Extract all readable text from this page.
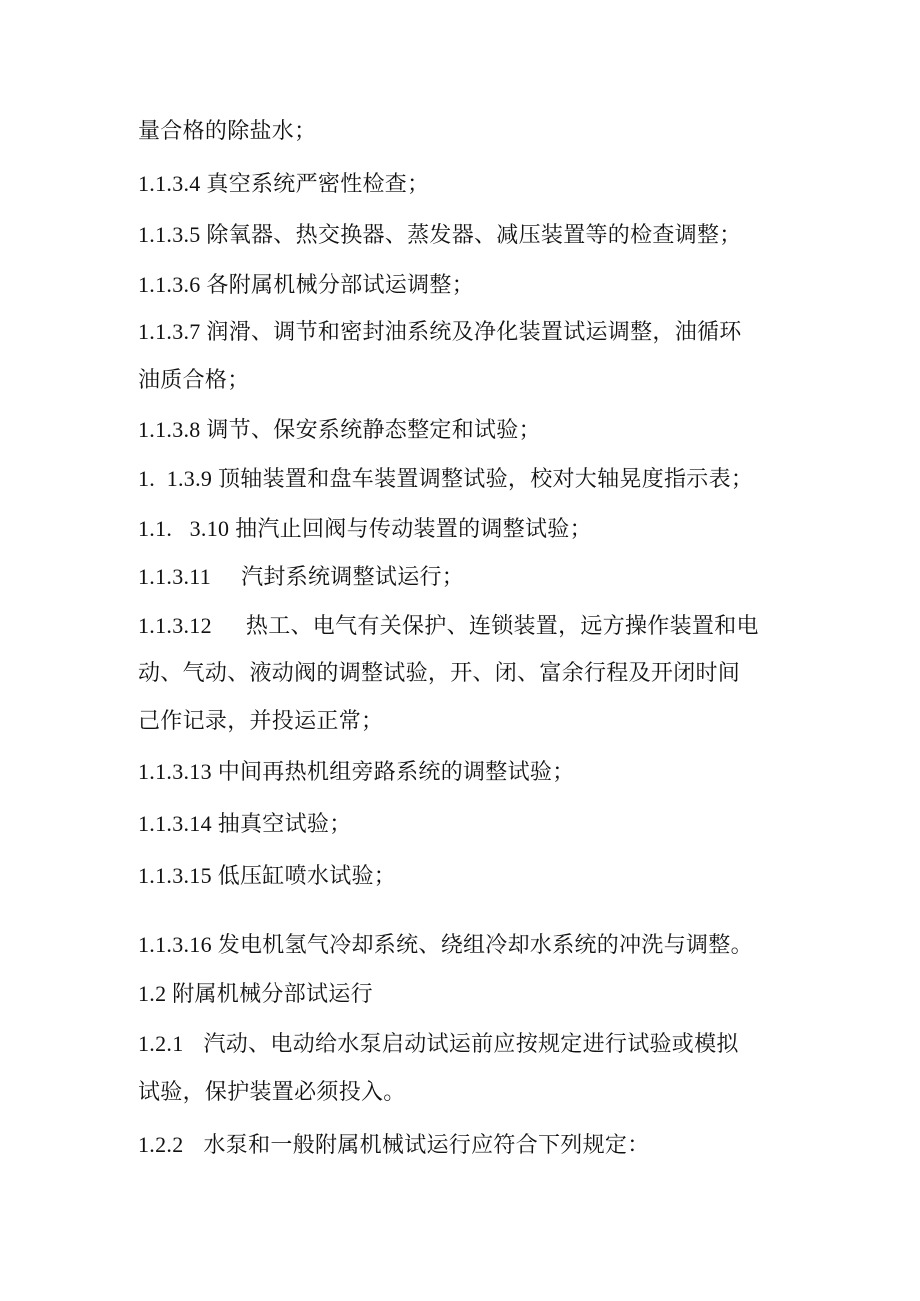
量合格的除盐水；
1.1.3.4 真空系统严密性检查；
1.1.3.5 除氧器、热交换器、蒸发器、减压装置等的检查调整；
1.1.3.6 各附属机械分部试运调整；
1.1.3.7 润滑、调节和密封油系统及净化装置试运调整，油循环
油质合格；
1.1.3.8 调节、保安系统静态整定和试验；
1.  1.3.9 顶轴装置和盘车装置调整试验，校对大轴晃度指示表；
1.1.   3.10 抽汽止回阀与传动装置的调整试验；
1.1.3.11 汽封系统调整试运行；
1.1.3.12 热工、电气有关保护、连锁装置，远方操作装置和电
动、气动、液动阀的调整试验，开、闭、富余行程及开闭时间
己作记录，并投运正常；
1.1.3.13 中间再热机组旁路系统的调整试验；
1.1.3.14 抽真空试验；
1.1.3.15 低压缸喷水试验；
1.1.3.16 发电机氢气冷却系统、绕组冷却水系统的冲洗与调整。
1.2 附属机械分部试运行
1.2.1 汽动、电动给水泵启动试运前应按规定进行试验或模拟
试验，保护装置必须投入。
1.2.2 水泵和一般附属机械试运行应符合下列规定：
